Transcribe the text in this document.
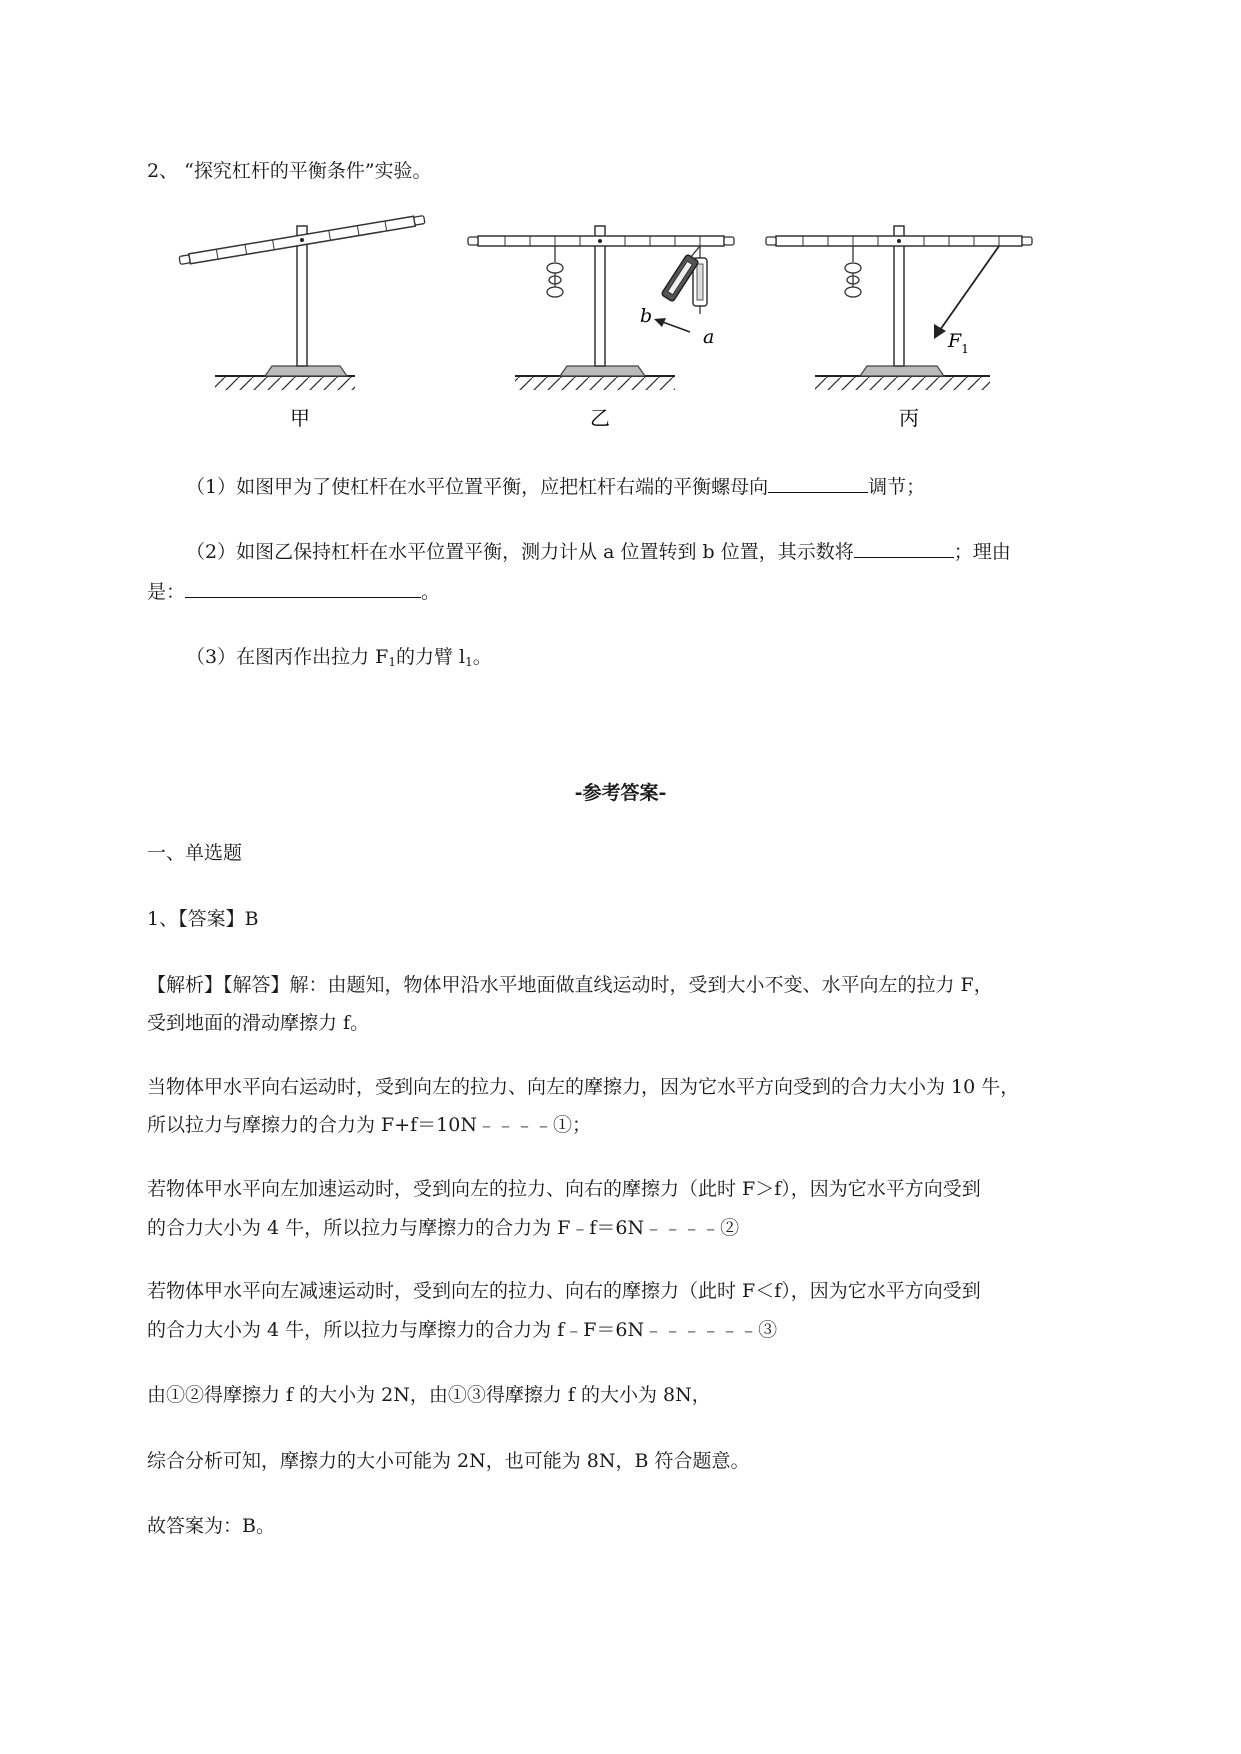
2、 “探究杠杆的平衡条件”实验。
甲
b
a
乙
$F_1$
丙
（1）如图甲为了使杠杆在水平位置平衡，应把杠杆右端的平衡螺母向	调节；
（2）如图乙保持杠杆在水平位置平衡，测力计从 a 位置转到 b 位置，其示数将	；理由
是：	。
（3）在图丙作出拉力 $F_1$的力臂 $l_1$。
-参考答案-
一、单选题
1、【答案】B
【解析】【解答】解：由题知，物体甲沿水平地面做直线运动时，受到大小不变、水平向左的拉力 F，
受到地面的滑动摩擦力 f。
当物体甲水平向右运动时，受到向左的拉力、向左的摩擦力，因为它水平方向受到的合力大小为 10 牛，
所以拉力与摩擦力的合力为 F+f＝10N﹣﹣﹣﹣①；
若物体甲水平向左加速运动时，受到向左的拉力、向右的摩擦力（此时 F＞f），因为它水平方向受到
的合力大小为 4 牛，所以拉力与摩擦力的合力为 F﹣f＝6N﹣﹣﹣﹣②
若物体甲水平向左减速运动时，受到向左的拉力、向右的摩擦力（此时 F＜f），因为它水平方向受到
的合力大小为 4 牛，所以拉力与摩擦力的合力为 f﹣F＝6N﹣﹣﹣﹣﹣﹣③
由①②得摩擦力 f 的大小为 2N，由①③得摩擦力 f 的大小为 8N，
综合分析可知，摩擦力的大小可能为 2N，也可能为 8N，B 符合题意。
故答案为：B。
